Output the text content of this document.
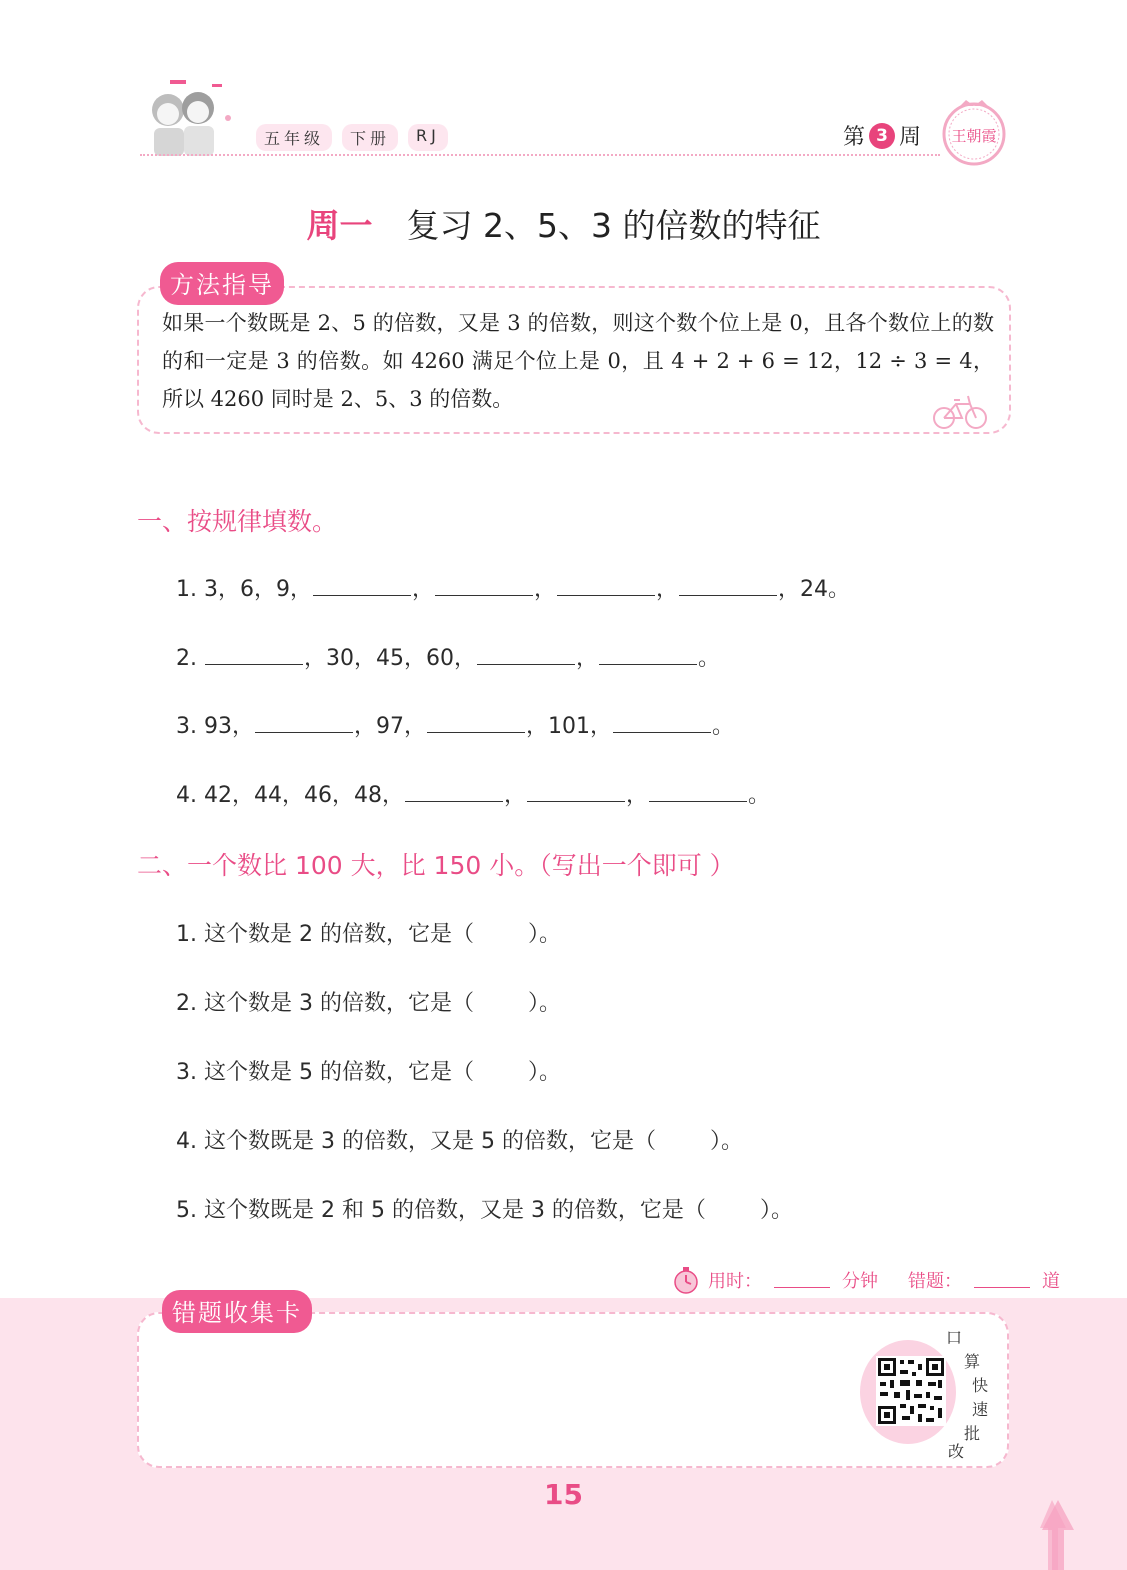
五年级	下册	RJ	第 3 周 王朝霞
周一 复习 2、5、3 的倍数的特征
方法指导
如果一个数既是 2、5 的倍数，又是 3 的倍数，则这个数个位上是 0，且各个数位上的数的和一定是 3 的倍数。如 4260 满足个位上是 0，且 4 + 2 + 6 = 12，12 ÷ 3 = 4，所以 4260 同时是 2、5、3 的倍数。
一、按规律填数。
1. 3，6，9，	，	，	，	，24。
2.	，30，45，60，	，	。
3. 93，	，97，	，101，	。
4. 42，44，46，48，	，	，	。
二、一个数比 100 大，比 150 小。（写出一个即可 ）
1. 这个数是 2 的倍数，它是（ ）。
2. 这个数是 3 的倍数，它是（ ）。
3. 这个数是 5 的倍数，它是（ ）。
4. 这个数既是 3 的倍数，又是 5 的倍数，它是（ ）。
5. 这个数既是 2 和 5 的倍数，又是 3 的倍数，它是（ ）。
用时：	分钟 错题：	道
错题收集卡
口
算
快
速
批
改
15
